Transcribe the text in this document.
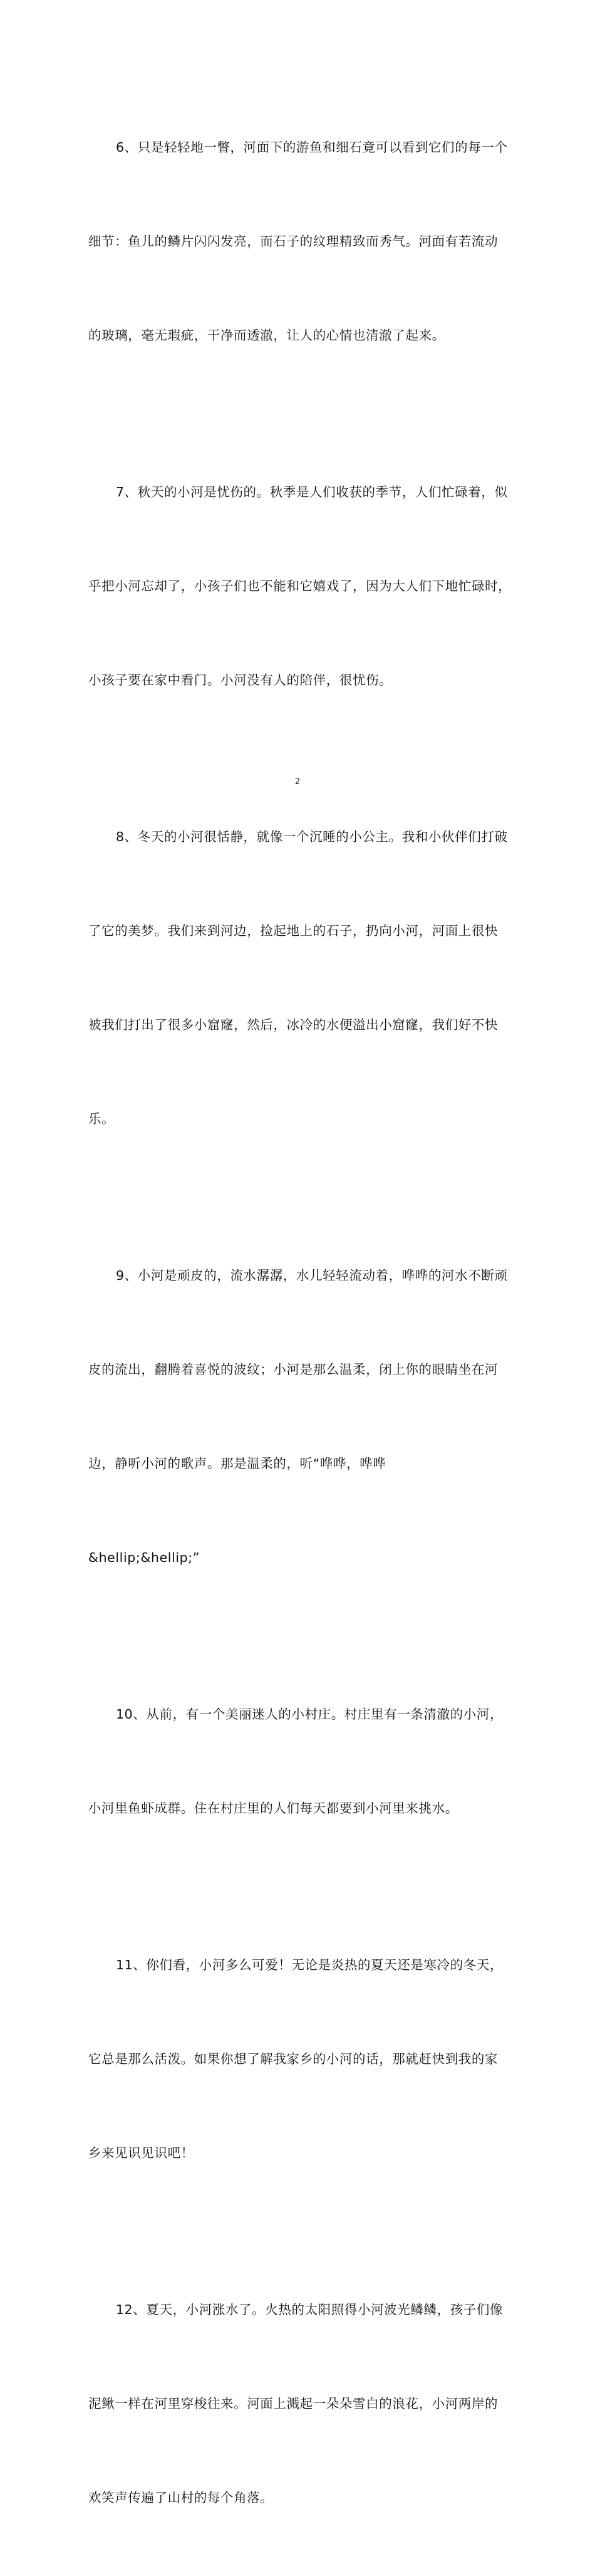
6、只是轻轻地一瞥，河面下的游鱼和细石竟可以看到它们的每一个

细节：鱼儿的鳞片闪闪发亮，而石子的纹理精致而秀气。河面有若流动

的玻璃，毫无瑕疵，干净而透澈，让人的心情也清澈了起来。

7、秋天的小河是忧伤的。秋季是人们收获的季节，人们忙碌着，似

乎把小河忘却了，小孩子们也不能和它嬉戏了，因为大人们下地忙碌时，

小孩子要在家中看门。小河没有人的陪伴，很忧伤。

8、冬天的小河很恬静，就像一个沉睡的小公主。我和小伙伴们打破

了它的美梦。我们来到河边，捡起地上的石子，扔向小河，河面上很快

被我们打出了很多小窟窿，然后，冰冷的水便溢出小窟窿，我们好不快

乐。

9、小河是顽皮的，流水潺潺，水儿轻轻流动着，哗哗的河水不断顽

皮的流出，翻腾着喜悦的波纹；小河是那么温柔，闭上你的眼睛坐在河

边，静听小河的歌声。那是温柔的，听“哗哗，哗哗

&hellip;&hellip;”

10、从前，有一个美丽迷人的小村庄。村庄里有一条清澈的小河，

小河里鱼虾成群。住在村庄里的人们每天都要到小河里来挑水。

11、你们看，小河多么可爱！无论是炎热的夏天还是寒冷的冬天，

它总是那么活泼。如果你想了解我家乡的小河的话，那就赶快到我的家

乡来见识见识吧！

12、夏天，小河涨水了。火热的太阳照得小河波光鳞鳞，孩子们像

泥鳅一样在河里穿梭往来。河面上溅起一朵朵雪白的浪花，小河两岸的

欢笑声传遍了山村的每个角落。

2
